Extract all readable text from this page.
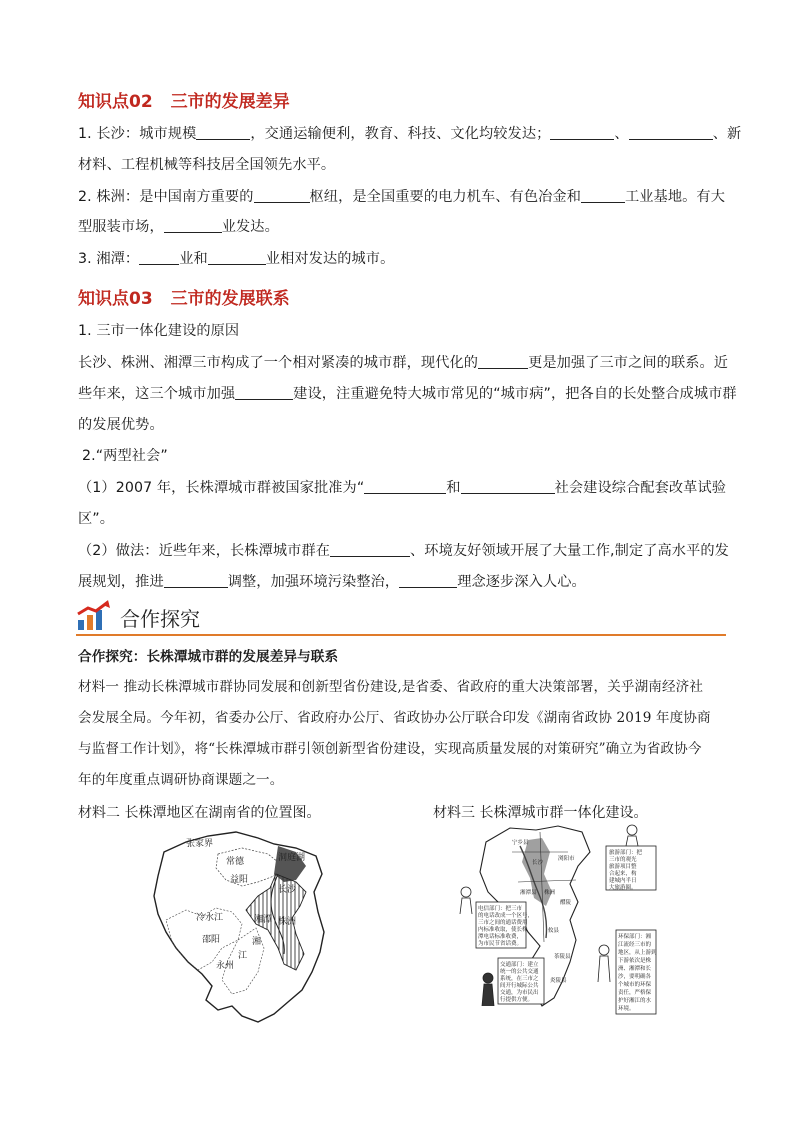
知识点02 三市的发展差异
1. 长沙：城市规模	，交通运输便利，教育、科技、文化均较发达；	、	、新
材料、工程机械等科技居全国领先水平。
2. 株洲：是中国南方重要的	枢纽，是全国重要的电力机车、有色冶金和	工业基地。有大
型服装市场，	业发达。
3. 湘潭：	业和	业相对发达的城市。
知识点03 三市的发展联系
1. 三市一体化建设的原因
长沙、株洲、湘潭三市构成了一个相对紧凑的城市群，现代化的	更是加强了三市之间的联系。近
些年来，这三个城市加强	建设，注重避免特大城市常见的“城市病”，把各自的长处整合成城市群
的发展优势。
2.“两型社会”
（1）2007 年，长株潭城市群被国家批准为“	和	社会建设综合配套改革试验
区”。
（2）做法：近些年来，长株潭城市群在	、环境友好领域开展了大量工作,制定了高水平的发
展规划，推进	调整，加强环境污染整治，	理念逐步深入人心。
合作探究
合作探究：长株潭城市群的发展差异与联系
材料一 推动长株潭城市群协同发展和创新型省份建设,是省委、省政府的重大决策部署，关乎湖南经济社
会发展全局。今年初，省委办公厅、省政府办公厅、省政协办公厅联合印发《湖南省政协 2019 年度协商
与监督工作计划》，将“长株潭城市群引领创新型省份建设，实现高质量发展的对策研究”确立为省政协今
年的年度重点调研协商课题之一。
材料二 长株潭地区在湖南省的位置图。	材料三 长株潭城市群一体化建设。
张家界
常德
益阳
洞庭湖
长沙
冷水江	湘潭 株洲
邵阳	湘
江
永州
宁乡县
长沙
浏阳市
湘潭县 株洲
醴陵
攸县
茶陵县
炎陵县
旅游部门：把
三市的观光
旅游项目整
合起来，构
建城内半日
大旅游圈。
电信部门：把三市
的电话改成一个区号，
三市之间的通话费用
内标准收取，使长株
潭电话标准收费，
为市民节省话费。
交通部门：建立
统一的公共交通
系统，在三市之
间开行城际公共
交通，为市民出
行提供方便。
环保部门：湘
江流经三市的
地区，从上游到
下游依次是株
洲、湘潭和长
沙，要明确各
个城市的环保
责任，严格保
护好湘江的水
环境。
